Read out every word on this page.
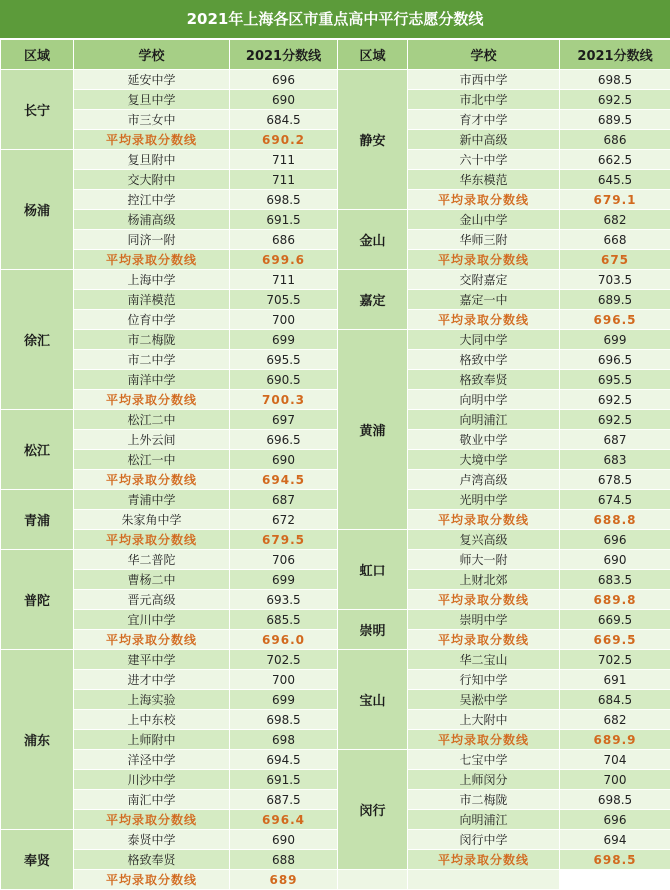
2021年上海各区市重点高中平行志愿分数线
区域	学校	2021分数线	区域	学校	2021分数线
长宁	延安中学	696	静安	市西中学	698.5
	复旦中学	690		市北中学	692.5
	市三女中	684.5		育才中学	689.5
	平均录取分数线	690.2		新中高级	686
杨浦	复旦附中	711		六十中学	662.5
	交大附中	711		华东模范	645.5
	控江中学	698.5		平均录取分数线	679.1
	杨浦高级	691.5	金山	金山中学	682
	同济一附	686		华师三附	668
	平均录取分数线	699.6		平均录取分数线	675
徐汇	上海中学	711	嘉定	交附嘉定	703.5
	南洋模范	705.5		嘉定一中	689.5
	位育中学	700		平均录取分数线	696.5
	市二梅陇	699	黄浦	大同中学	699
	市二中学	695.5		格致中学	696.5
	南洋中学	690.5		格致奉贤	695.5
	平均录取分数线	700.3		向明中学	692.5
松江	松江二中	697		向明浦江	692.5
	上外云间	696.5		敬业中学	687
	松江一中	690		大境中学	683
	平均录取分数线	694.5		卢湾高级	678.5
青浦	青浦中学	687		光明中学	674.5
	朱家角中学	672		平均录取分数线	688.8
	平均录取分数线	679.5	虹口	复兴高级	696
普陀	华二普陀	706		师大一附	690
	曹杨二中	699		上财北郊	683.5
	晋元高级	693.5		平均录取分数线	689.8
	宜川中学	685.5	崇明	崇明中学	669.5
	平均录取分数线	696.0		平均录取分数线	669.5
浦东	建平中学	702.5	宝山	华二宝山	702.5
	进才中学	700		行知中学	691
	上海实验	699		吴淞中学	684.5
	上中东校	698.5		上大附中	682
	上师附中	698		平均录取分数线	689.9
	洋泾中学	694.5	闵行	七宝中学	704
	川沙中学	691.5		上师闵分	700
	南汇中学	687.5		市二梅陇	698.5
	平均录取分数线	696.4		向明浦江	696
奉贤	泰贤中学	690		闵行中学	694
	格致奉贤	688		平均录取分数线	698.5
	平均录取分数线	689			
